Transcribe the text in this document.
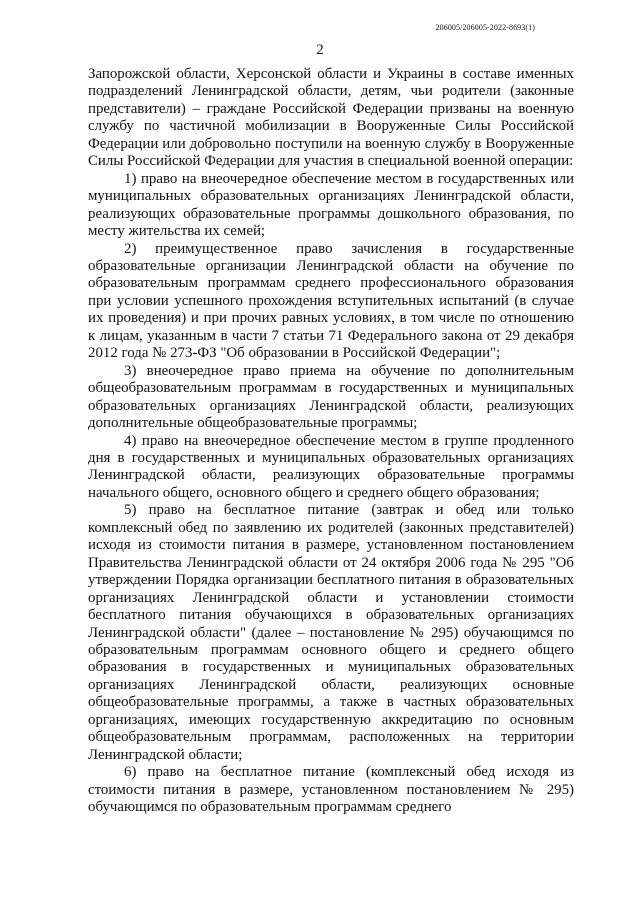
206005/206005-2022-8693(1)
2

Запорожской области, Херсонской области и Украины в составе именных подразделений Ленинградской области, детям, чьи родители (законные представители) – граждане Российской Федерации призваны на военную службу по частичной мобилизации в Вооруженные Силы Российской Федерации или добровольно поступили на военную службу в Вооруженные Силы Российской Федерации для участия в специальной военной операции:

1) право на внеочередное обеспечение местом в государственных или муниципальных образовательных организациях Ленинградской области, реализующих образовательные программы дошкольного образования, по месту жительства их семей;

2) преимущественное право зачисления в государственные образовательные организации Ленинградской области на обучение по образовательным программам среднего профессионального образования при условии успешного прохождения вступительных испытаний (в случае их проведения) и при прочих равных условиях, в том числе по отношению к лицам, указанным в части 7 статьи 71 Федерального закона от 29 декабря 2012 года № 273-ФЗ "Об образовании в Российской Федерации";

3) внеочередное право приема на обучение по дополнительным общеобразовательным программам в государственных и муниципальных образовательных организациях Ленинградской области, реализующих дополнительные общеобразовательные программы;

4) право на внеочередное обеспечение местом в группе продленного дня в государственных и муниципальных образовательных организациях Ленинградской области, реализующих образовательные программы начального общего, основного общего и среднего общего образования;

5) право на бесплатное питание (завтрак и обед или только комплексный обед по заявлению их родителей (законных представителей) исходя из стоимости питания в размере, установленном постановлением Правительства Ленинградской области от 24 октября 2006 года № 295 "Об утверждении Порядка организации бесплатного питания в образовательных организациях Ленинградской области и установлении стоимости бесплатного питания обучающихся в образовательных организациях Ленинградской области" (далее – постановление № 295) обучающимся по образовательным программам основного общего и среднего общего образования в государственных и муниципальных образовательных организациях Ленинградской области, реализующих основные общеобразовательные программы, а также в частных образовательных организациях, имеющих государственную аккредитацию по основным общеобразовательным программам, расположенных на территории Ленинградской области;

6) право на бесплатное питание (комплексный обед исходя из стоимости питания в размере, установленном постановлением № 295) обучающимся по образовательным программам среднего
